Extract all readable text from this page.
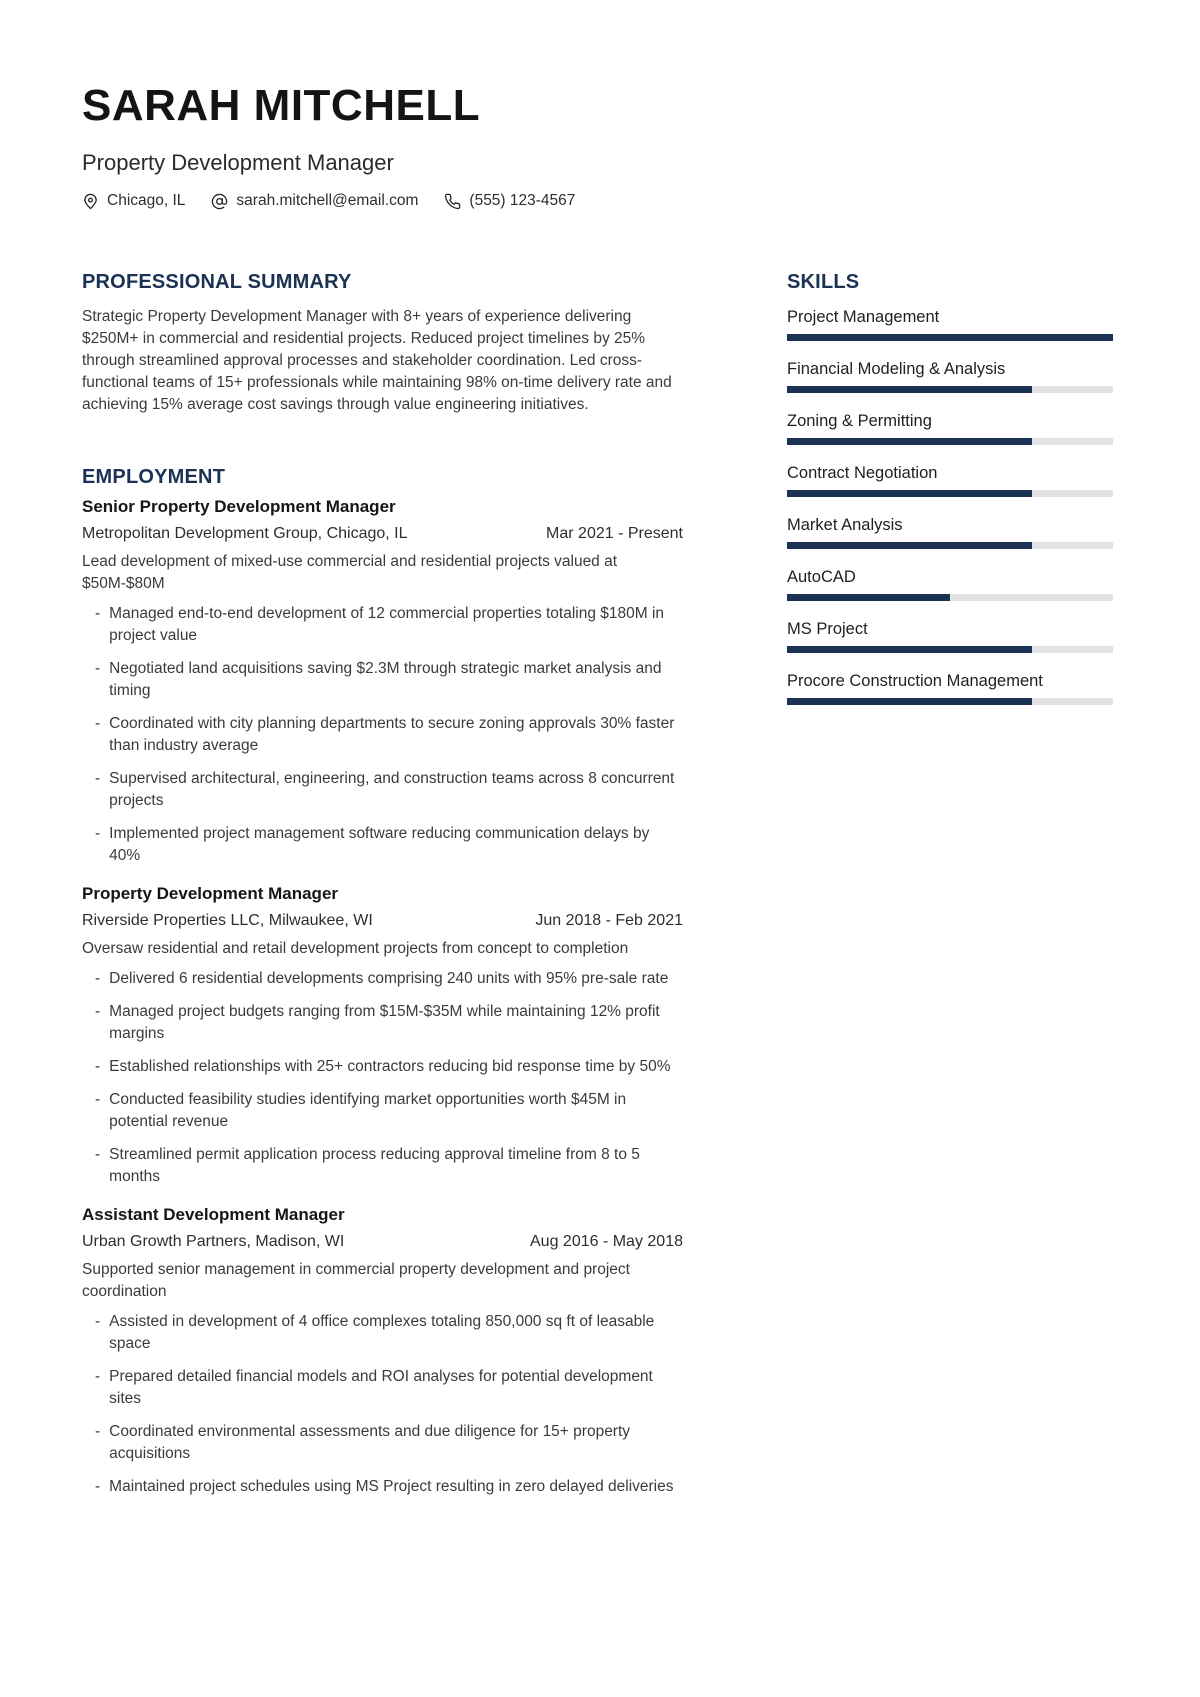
SARAH MITCHELL
Property Development Manager
Chicago, IL	sarah.mitchell@email.com	(555) 123-4567
PROFESSIONAL SUMMARY

Strategic Property Development Manager with 8+ years of experience delivering $250M+ in commercial and residential projects. Reduced project timelines by 25% through streamlined approval processes and stakeholder coordination. Led cross-functional teams of 15+ professionals while maintaining 98% on-time delivery rate and achieving 15% average cost savings through value engineering initiatives.

EMPLOYMENT
Senior Property Development Manager
Metropolitan Development Group, Chicago, IL	Mar 2021 - Present
Lead development of mixed-use commercial and residential projects valued at $50M-$80M
- Managed end-to-end development of 12 commercial properties totaling $180M in project value
- Negotiated land acquisitions saving $2.3M through strategic market analysis and timing
- Coordinated with city planning departments to secure zoning approvals 30% faster than industry average
- Supervised architectural, engineering, and construction teams across 8 concurrent projects
- Implemented project management software reducing communication delays by 40%
Property Development Manager
Riverside Properties LLC, Milwaukee, WI	Jun 2018 - Feb 2021
Oversaw residential and retail development projects from concept to completion
- Delivered 6 residential developments comprising 240 units with 95% pre-sale rate
- Managed project budgets ranging from $15M-$35M while maintaining 12% profit margins
- Established relationships with 25+ contractors reducing bid response time by 50%
- Conducted feasibility studies identifying market opportunities worth $45M in potential revenue
- Streamlined permit application process reducing approval timeline from 8 to 5 months
Assistant Development Manager
Urban Growth Partners, Madison, WI	Aug 2016 - May 2018
Supported senior management in commercial property development and project coordination
- Assisted in development of 4 office complexes totaling 850,000 sq ft of leasable space
- Prepared detailed financial models and ROI analyses for potential development sites
- Coordinated environmental assessments and due diligence for 15+ property acquisitions
- Maintained project schedules using MS Project resulting in zero delayed deliveries
SKILLS
Project Management
Financial Modeling & Analysis
Zoning & Permitting
Contract Negotiation
Market Analysis
AutoCAD
MS Project
Procore Construction Management
